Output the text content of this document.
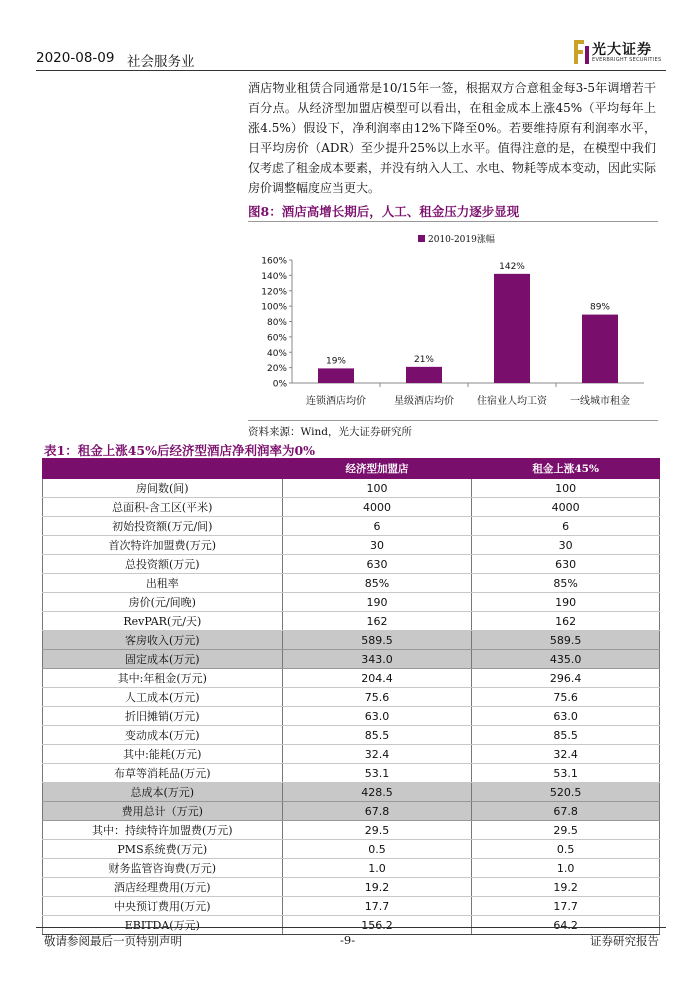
2020-08-09 社会服务业
光大证券
EVERBRIGHT SECURITIES

酒店物业租赁合同通常是10/15年一签，根据双方合意租金每3-5年调增若干百分点。从经济型加盟店模型可以看出，在租金成本上涨45%（平均每年上涨4.5%）假设下，净利润率由12%下降至0%。若要维持原有利润率水平，日平均房价（ADR）至少提升25%以上水平。值得注意的是，在模型中我们仅考虑了租金成本要素，并没有纳入人工、水电、物耗等成本变动，因此实际房价调整幅度应当更大。

图8：酒店高增长期后，人工、租金压力逐步显现
2010-2019涨幅
0%
20%
40%
60%
80%
100%
120%
140%
160%
19%
连锁酒店均价
21%
星级酒店均价
142%
住宿业人均工资
89%
一线城市租金
资料来源：Wind，光大证券研究所
表1：租金上涨45%后经济型酒店净利润率为0%
	经济型加盟店	租金上涨45%
房间数(间)	100	100
总面积-含工区(平米)	4000	4000
初始投资额(万元/间)	6	6
首次特许加盟费(万元)	30	30
总投资额(万元)	630	630
出租率	85%	85%
房价(元/间晚)	190	190
RevPAR(元/天)	162	162
客房收入(万元)	589.5	589.5
固定成本(万元)	343.0	435.0
其中:年租金(万元)	204.4	296.4
人工成本(万元)	75.6	75.6
折旧摊销(万元)	63.0	63.0
变动成本(万元)	85.5	85.5
其中:能耗(万元)	32.4	32.4
布草等消耗品(万元)	53.1	53.1
总成本(万元)	428.5	520.5
费用总计（万元)	67.8	67.8
其中：持续特许加盟费(万元)	29.5	29.5
PMS系统费(万元)	0.5	0.5
财务监管咨询费(万元)	1.0	1.0
酒店经理费用(万元)	19.2	19.2
中央预订费用(万元)	17.7	17.7
EBITDA(万元)	156.2	64.2
敬请参阅最后一页特别声明	-9-	证券研究报告
